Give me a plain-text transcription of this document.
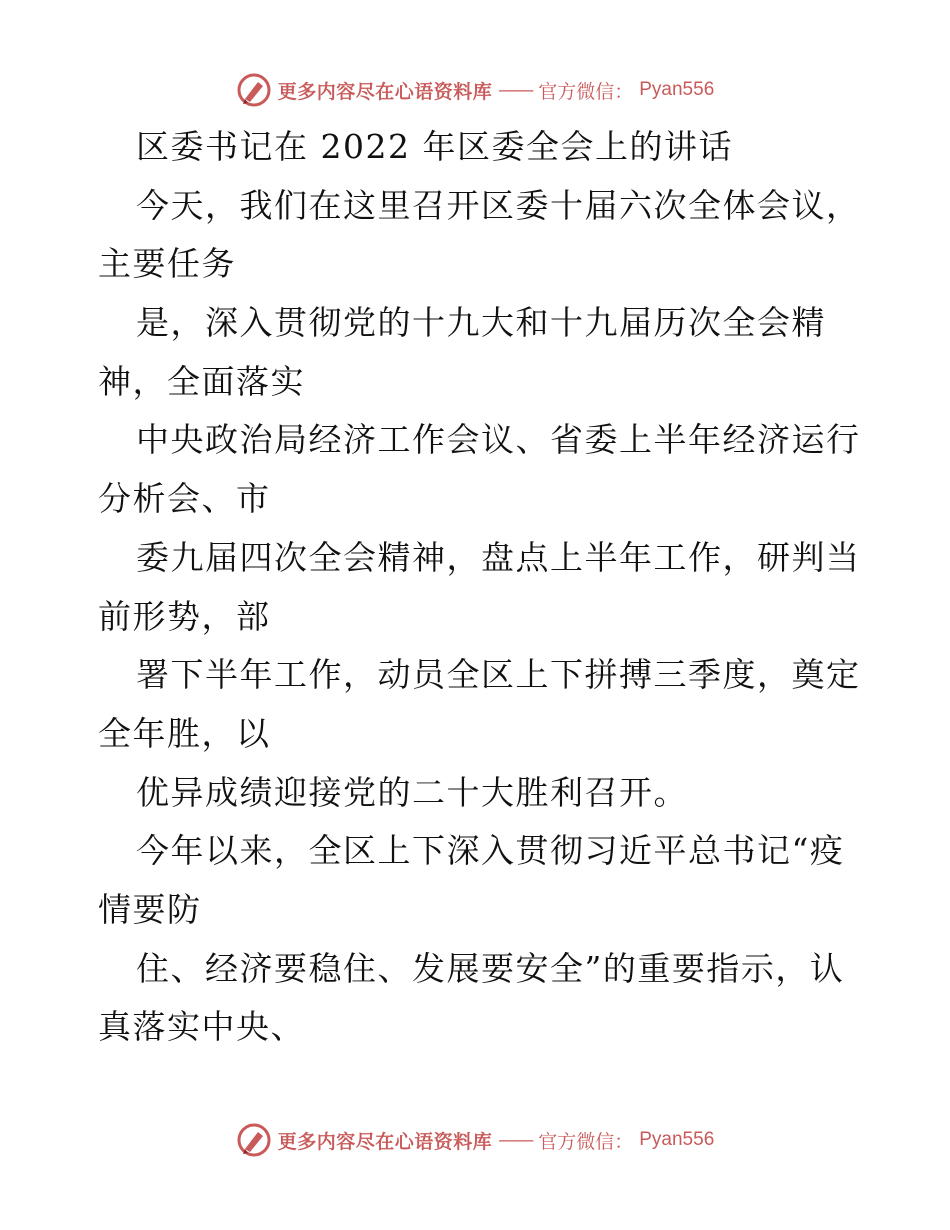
更多内容尽在心语资料库 —— 官方微信： Pyan556
区委书记在 2022 年区委全会上的讲话
今天，我们在这里召开区委十届六次全体会议，
主要任务
是，深入贯彻党的十九大和十九届历次全会精
神，全面落实
中央政治局经济工作会议、省委上半年经济运行
分析会、市
委九届四次全会精神，盘点上半年工作，研判当
前形势，部
署下半年工作，动员全区上下拼搏三季度，奠定
全年胜，以
优异成绩迎接党的二十大胜利召开。
今年以来，全区上下深入贯彻习近平总书记“疫
情要防
住、经济要稳住、发展要安全”的重要指示，认
真落实中央、
更多内容尽在心语资料库 —— 官方微信： Pyan556
